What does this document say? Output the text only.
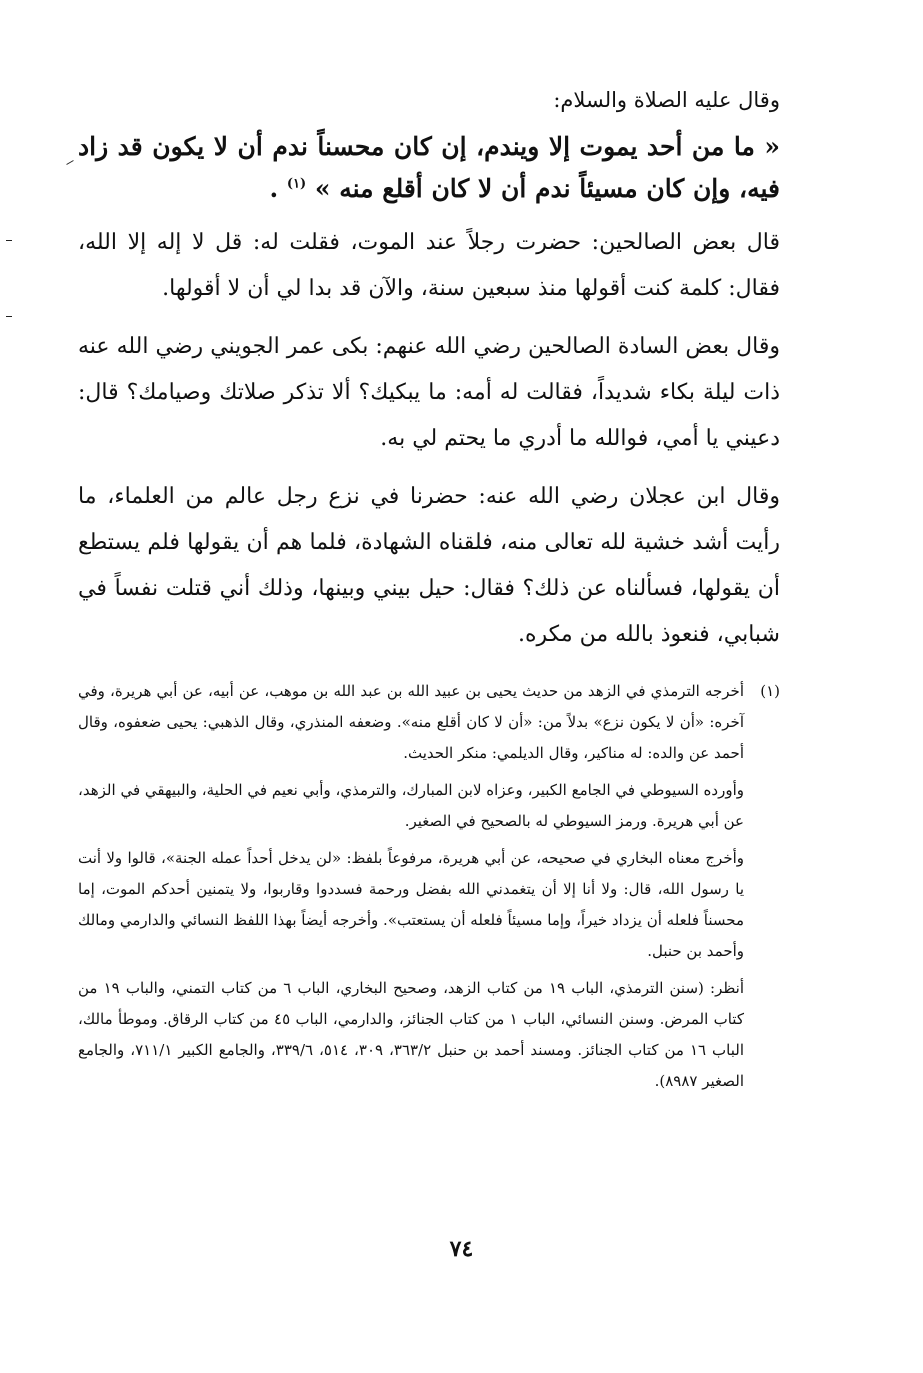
وقال عليه الصلاة والسلام:

« ما من أحد يموت إلا ويندم، إن كان محسناً ندم أن لا يكون قد زاد فيه، وإن كان مسيئاً ندم أن لا كان أقلع منه » $^{(١)}$ .

قال بعض الصالحين: حضرت رجلاً عند الموت، فقلت له: قل لا إله إلا الله، فقال: كلمة كنت أقولها منذ سبعين سنة، والآن قد بدا لي أن لا أقولها.

وقال بعض السادة الصالحين رضي الله عنهم: بكى عمر الجويني رضي الله عنه ذات ليلة بكاء شديداً، فقالت له أمه: ما يبكيك؟ ألا تذكر صلاتك وصيامك؟ قال: دعيني يا أمي، فوالله ما أدري ما يحتم لي به.

وقال ابن عجلان رضي الله عنه: حضرنا في نزع رجل عالم من العلماء، ما رأيت أشد خشية لله تعالى منه، فلقناه الشهادة، فلما هم أن يقولها فلم يستطع أن يقولها، فسألناه عن ذلك؟ فقال: حيل بيني وبينها، وذلك أني قتلت نفساً في شبابي، فنعوذ بالله من مكره.

(١)
أخرجه الترمذي في الزهد من حديث يحيى بن عبيد الله بن عبد الله بن موهب، عن أبيه، عن أبي هريرة، وفي آخره: «أن لا يكون نزع» بدلاً من: «أن لا كان أقلع منه». وضعفه المنذري، وقال الذهبي: يحيى ضعفوه، وقال أحمد عن والده: له مناكير، وقال الديلمي: منكر الحديث.

وأورده السيوطي في الجامع الكبير، وعزاه لابن المبارك، والترمذي، وأبي نعيم في الحلية، والبيهقي في الزهد، عن أبي هريرة. ورمز السيوطي له بالصحيح في الصغير.

وأخرج معناه البخاري في صحيحه، عن أبي هريرة، مرفوعاً بلفظ: «لن يدخل أحداً عمله الجنة»، قالوا ولا أنت يا رسول الله، قال: ولا أنا إلا أن يتغمدني الله بفضل ورحمة فسددوا وقاربوا، ولا يتمنين أحدكم الموت، إما محسناً فلعله أن يزداد خيراً، وإما مسيئاً فلعله أن يستعتب». وأخرجه أيضاً بهذا اللفظ النسائي والدارمي ومالك وأحمد بن حنبل.

أنظر: (سنن الترمذي، الباب ١٩ من كتاب الزهد، وصحيح البخاري، الباب ٦ من كتاب التمني، والباب ١٩ من كتاب المرض. وسنن النسائي، الباب ١ من كتاب الجنائز، والدارمي، الباب ٤٥ من كتاب الرقاق. وموطأ مالك، الباب ١٦ من كتاب الجنائز. ومسند أحمد بن حنبل ٣٦٣/٢، ٣٠٩، ٥١٤، ٣٣٩/٦، والجامع الكبير ٧١١/١، والجامع الصغير ٨٩٨٧).

٧٤
